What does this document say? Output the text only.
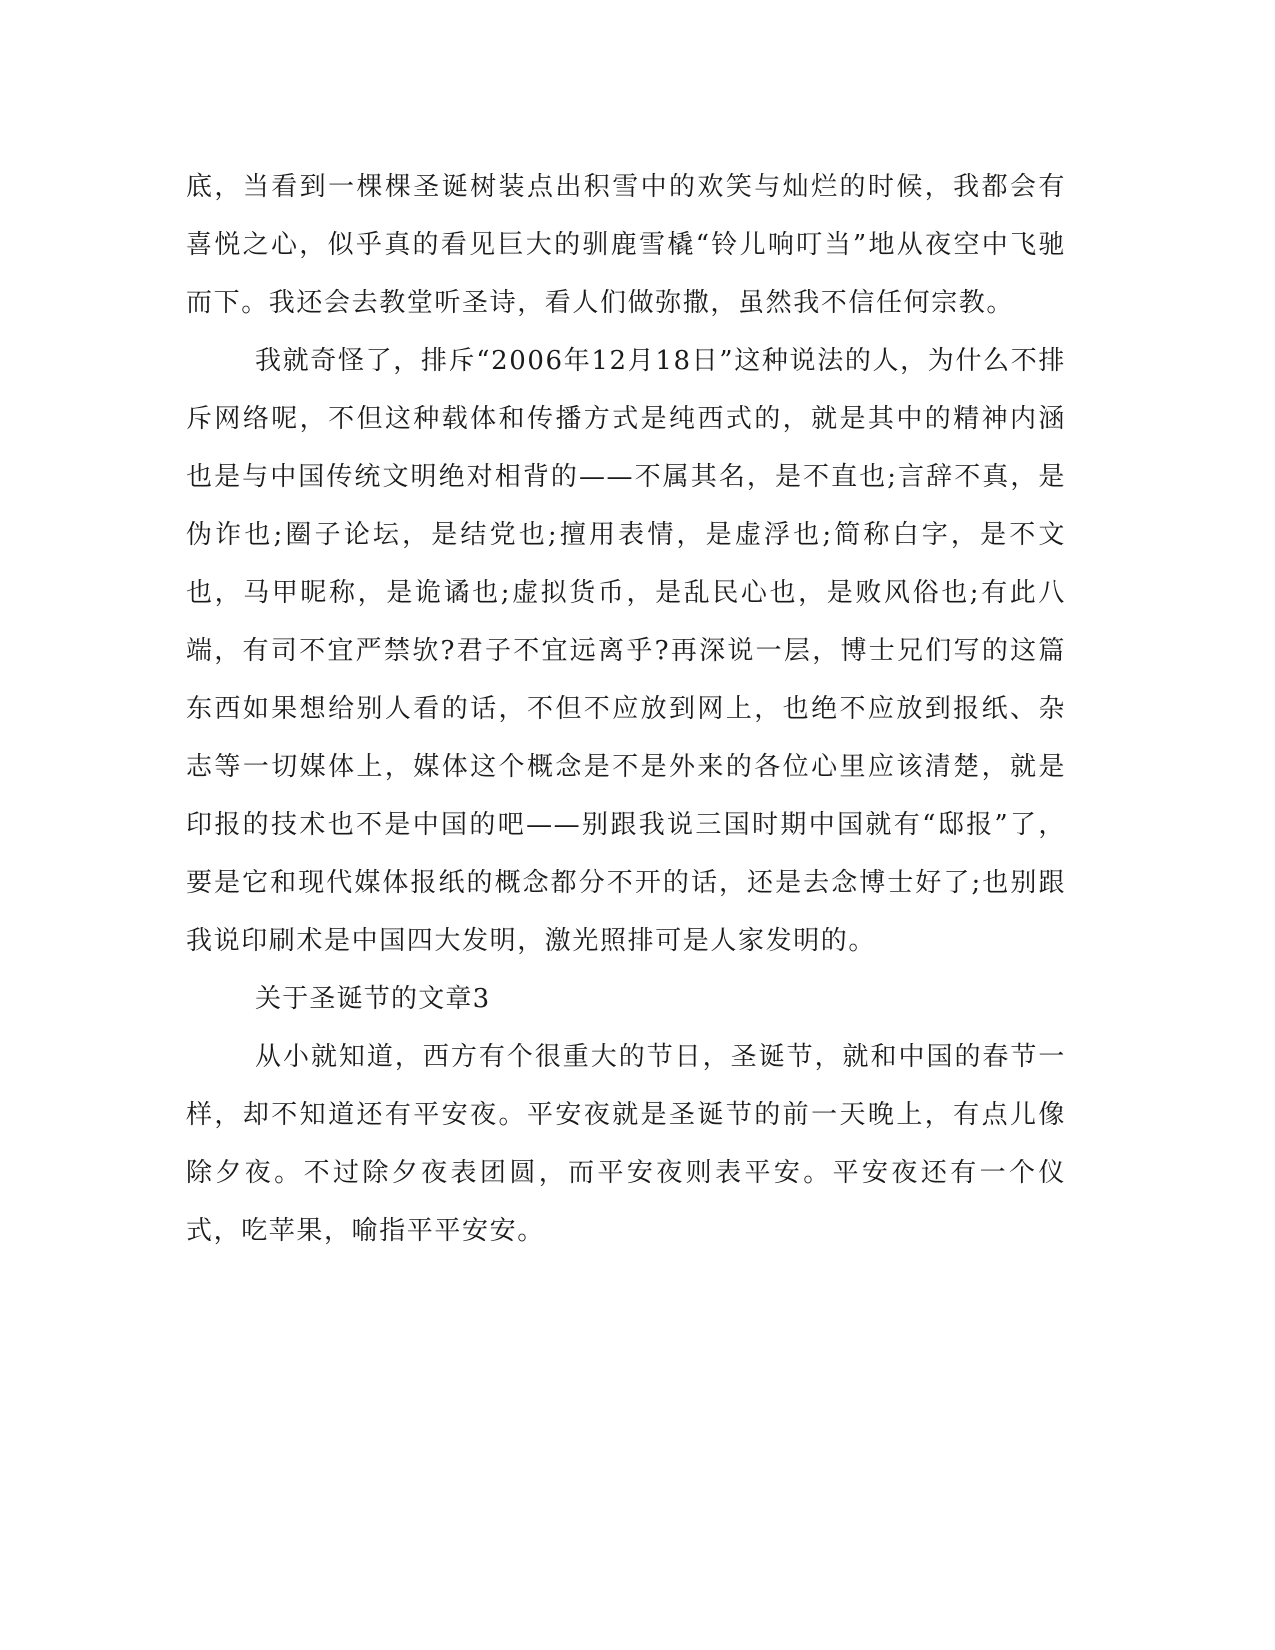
底，当看到一棵棵圣诞树装点出积雪中的欢笑与灿烂的时候，我都会有喜悦之心，似乎真的看见巨大的驯鹿雪橇“铃儿响叮当”地从夜空中飞驰而下。我还会去教堂听圣诗，看人们做弥撒，虽然我不信任何宗教。

我就奇怪了，排斥“2006年12月18日”这种说法的人，为什么不排斥网络呢，不但这种载体和传播方式是纯西式的，就是其中的精神内涵也是与中国传统文明绝对相背的——不属其名，是不直也;言辞不真，是伪诈也;圈子论坛，是结党也;擅用表情，是虚浮也;简称白字，是不文也，马甲昵称，是诡谲也;虚拟货币，是乱民心也，是败风俗也;有此八端，有司不宜严禁欤?君子不宜远离乎?再深说一层，博士兄们写的这篇东西如果想给别人看的话，不但不应放到网上，也绝不应放到报纸、杂志等一切媒体上，媒体这个概念是不是外来的各位心里应该清楚，就是印报的技术也不是中国的吧——别跟我说三国时期中国就有“邸报”了，要是它和现代媒体报纸的概念都分不开的话，还是去念博士好了;也别跟我说印刷术是中国四大发明，激光照排可是人家发明的。

关于圣诞节的文章3

从小就知道，西方有个很重大的节日，圣诞节，就和中国的春节一样，却不知道还有平安夜。平安夜就是圣诞节的前一天晚上，有点儿像除夕夜。不过除夕夜表团圆，而平安夜则表平安。平安夜还有一个仪式，吃苹果，喻指平平安安。
